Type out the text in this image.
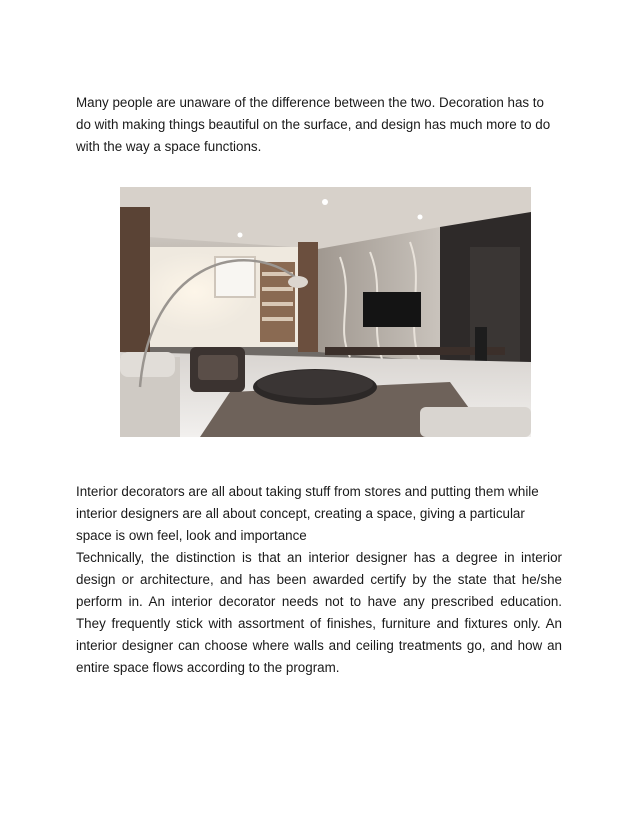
Many people are unaware of the difference between the two. Decoration has to do with making things beautiful on the surface, and design has much more to do with the way a space functions.

Interior decorators are all about taking stuff from stores and putting them while interior designers are all about concept, creating a space, giving a particular space is own feel, look and importance

Technically, the distinction is that an interior designer has a degree in interior design or architecture, and has been awarded certify by the state that he/she perform in. An interior decorator needs not to have any prescribed education. They frequently stick with assortment of finishes, furniture and fixtures only. An interior designer can choose where walls and ceiling treatments go, and how an entire space flows according to the program.
